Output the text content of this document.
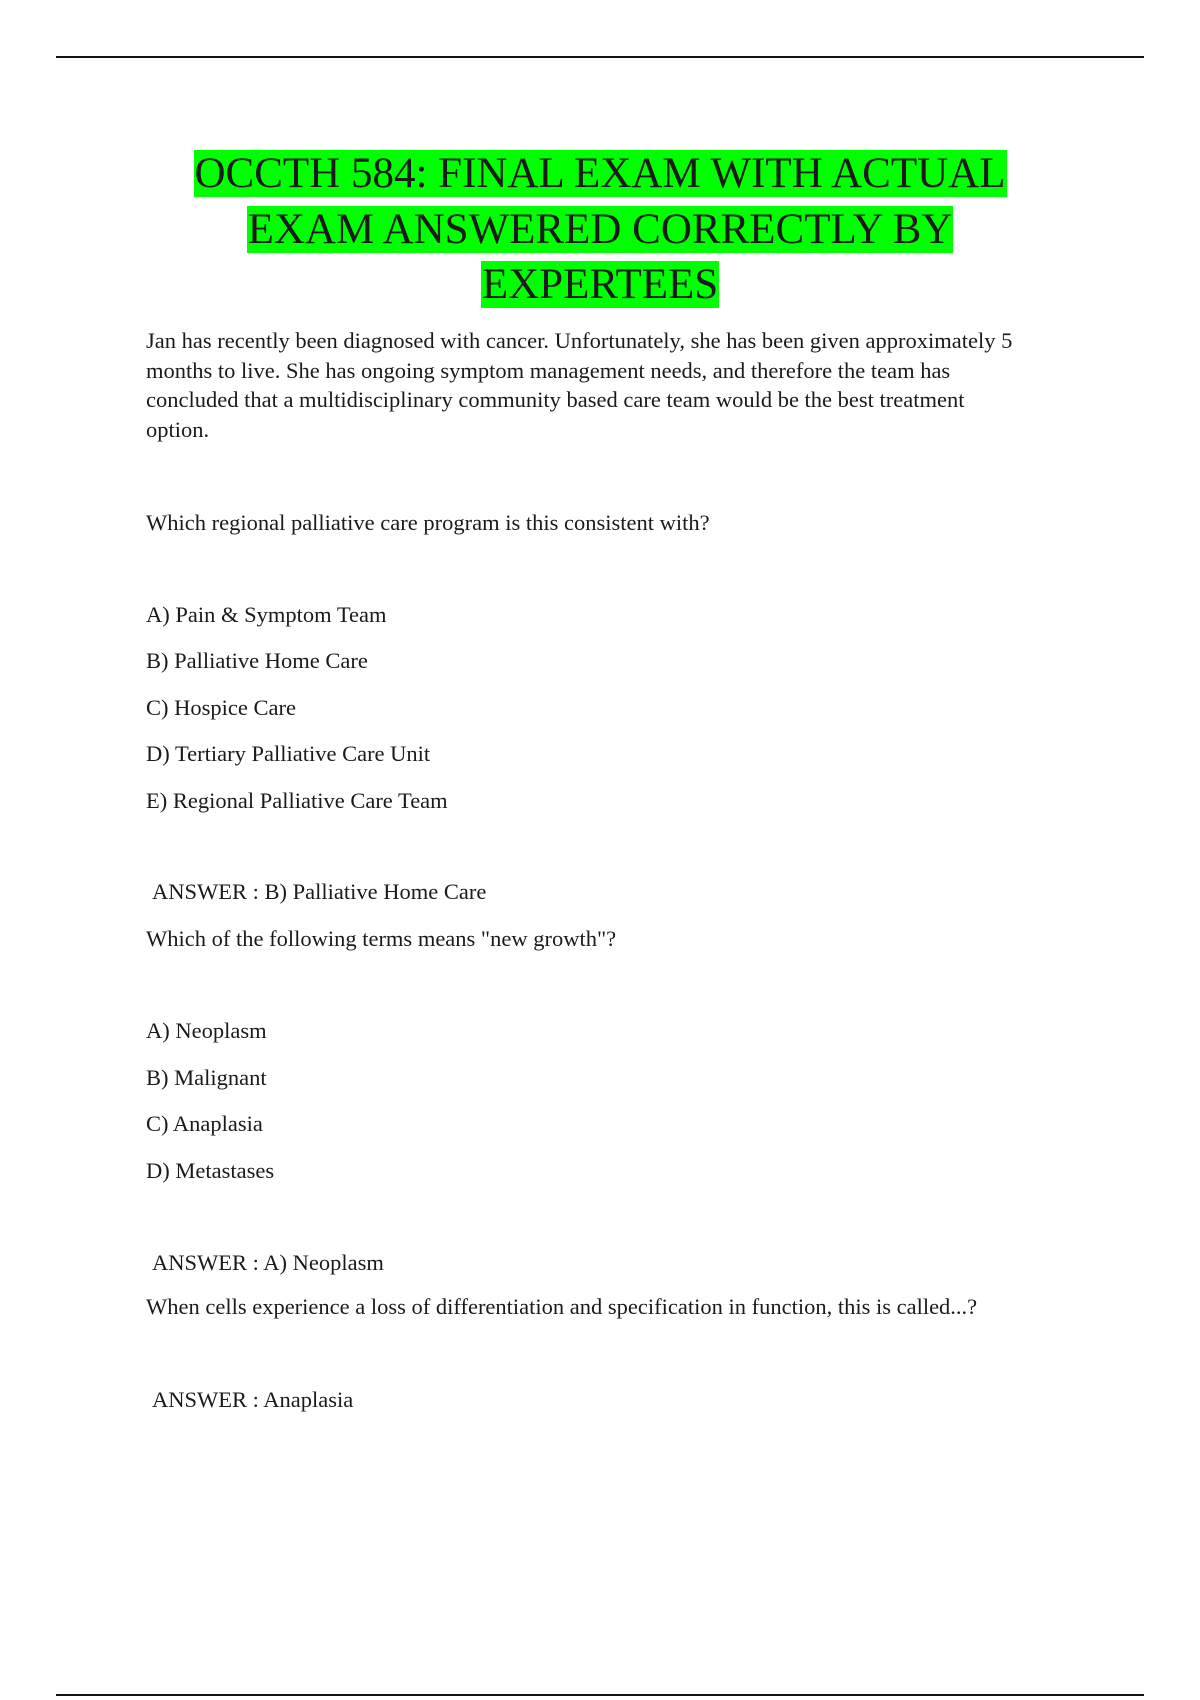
OCCTH 584: FINAL EXAM WITH ACTUAL
EXAM ANSWERED CORRECTLY BY
EXPERTEES
Jan has recently been diagnosed with cancer. Unfortunately, she has been given approximately 5
months to live. She has ongoing symptom management needs, and therefore the team has
concluded that a multidisciplinary community based care team would be the best treatment
option.
Which regional palliative care program is this consistent with?
A) Pain & Symptom Team
B) Palliative Home Care
C) Hospice Care
D) Tertiary Palliative Care Unit
E) Regional Palliative Care Team
ANSWER : B) Palliative Home Care
Which of the following terms means "new growth"?
A) Neoplasm
B) Malignant
C) Anaplasia
D) Metastases
ANSWER : A) Neoplasm
When cells experience a loss of differentiation and specification in function, this is called...?
ANSWER : Anaplasia
